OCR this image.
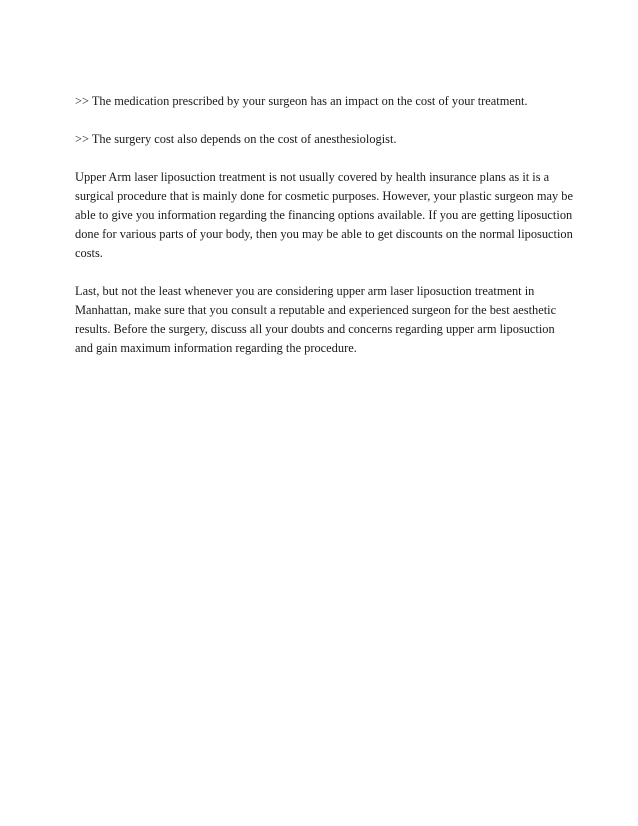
>> The medication prescribed by your surgeon has an impact on the cost of your treatment.

>> The surgery cost also depends on the cost of anesthesiologist.

Upper Arm laser liposuction treatment is not usually covered by health insurance plans as it is a surgical procedure that is mainly done for cosmetic purposes. However, your plastic surgeon may be able to give you information regarding the financing options available. If you are getting liposuction done for various parts of your body, then you may be able to get discounts on the normal liposuction costs.

Last, but not the least whenever you are considering upper arm laser liposuction treatment in Manhattan, make sure that you consult a reputable and experienced surgeon for the best aesthetic results. Before the surgery, discuss all your doubts and concerns regarding upper arm liposuction and gain maximum information regarding the procedure.
